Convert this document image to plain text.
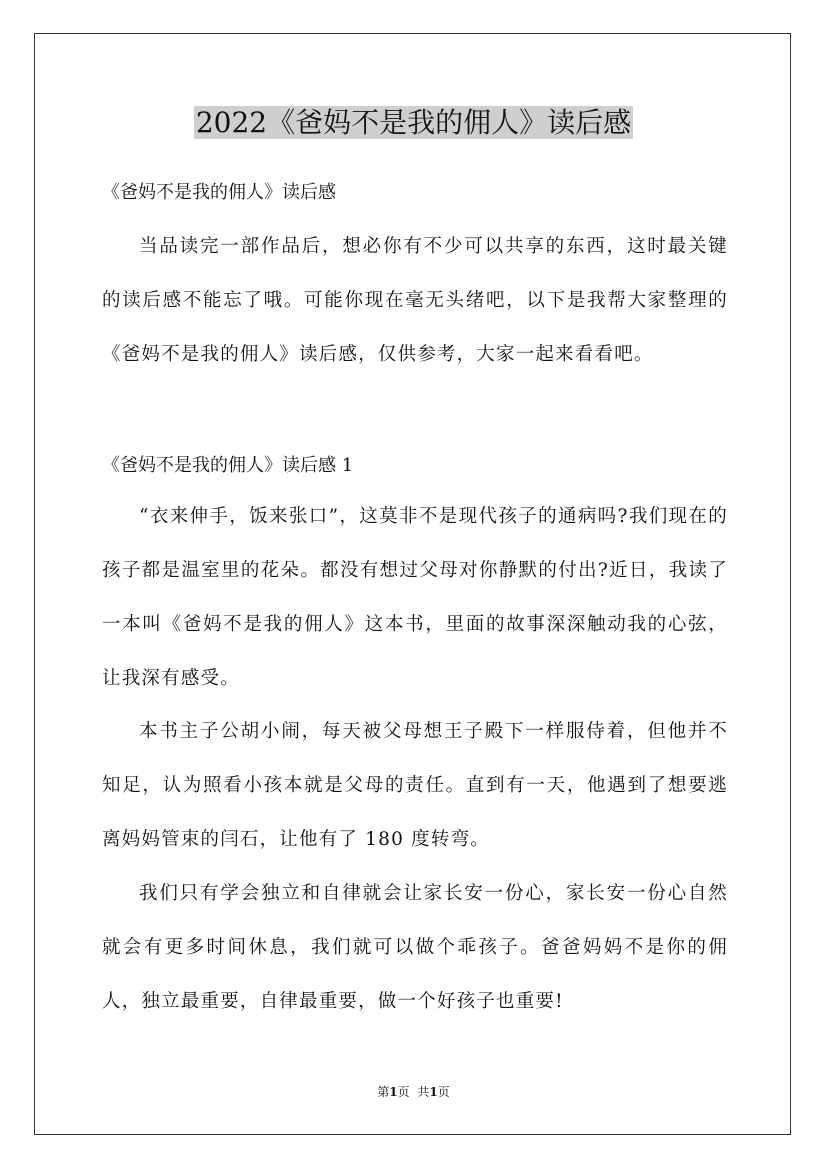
2022《爸妈不是我的佣人》读后感

《爸妈不是我的佣人》读后感

当品读完一部作品后，想必你有不少可以共享的东西，这时最关键的读后感不能忘了哦。可能你现在毫无头绪吧，以下是我帮大家整理的《爸妈不是我的佣人》读后感，仅供参考，大家一起来看看吧。

《爸妈不是我的佣人》读后感 1

“衣来伸手，饭来张口”，这莫非不是现代孩子的通病吗?我们现在的孩子都是温室里的花朵。都没有想过父母对你静默的付出?近日，我读了一本叫《爸妈不是我的佣人》这本书，里面的故事深深触动我的心弦，让我深有感受。

本书主子公胡小闹，每天被父母想王子殿下一样服侍着，但他并不知足，认为照看小孩本就是父母的责任。直到有一天，他遇到了想要逃离妈妈管束的闫石，让他有了 180 度转弯。

我们只有学会独立和自律就会让家长安一份心，家长安一份心自然就会有更多时间休息，我们就可以做个乖孩子。爸爸妈妈不是你的佣人，独立最重要，自律最重要，做一个好孩子也重要!

第1页 共1页
